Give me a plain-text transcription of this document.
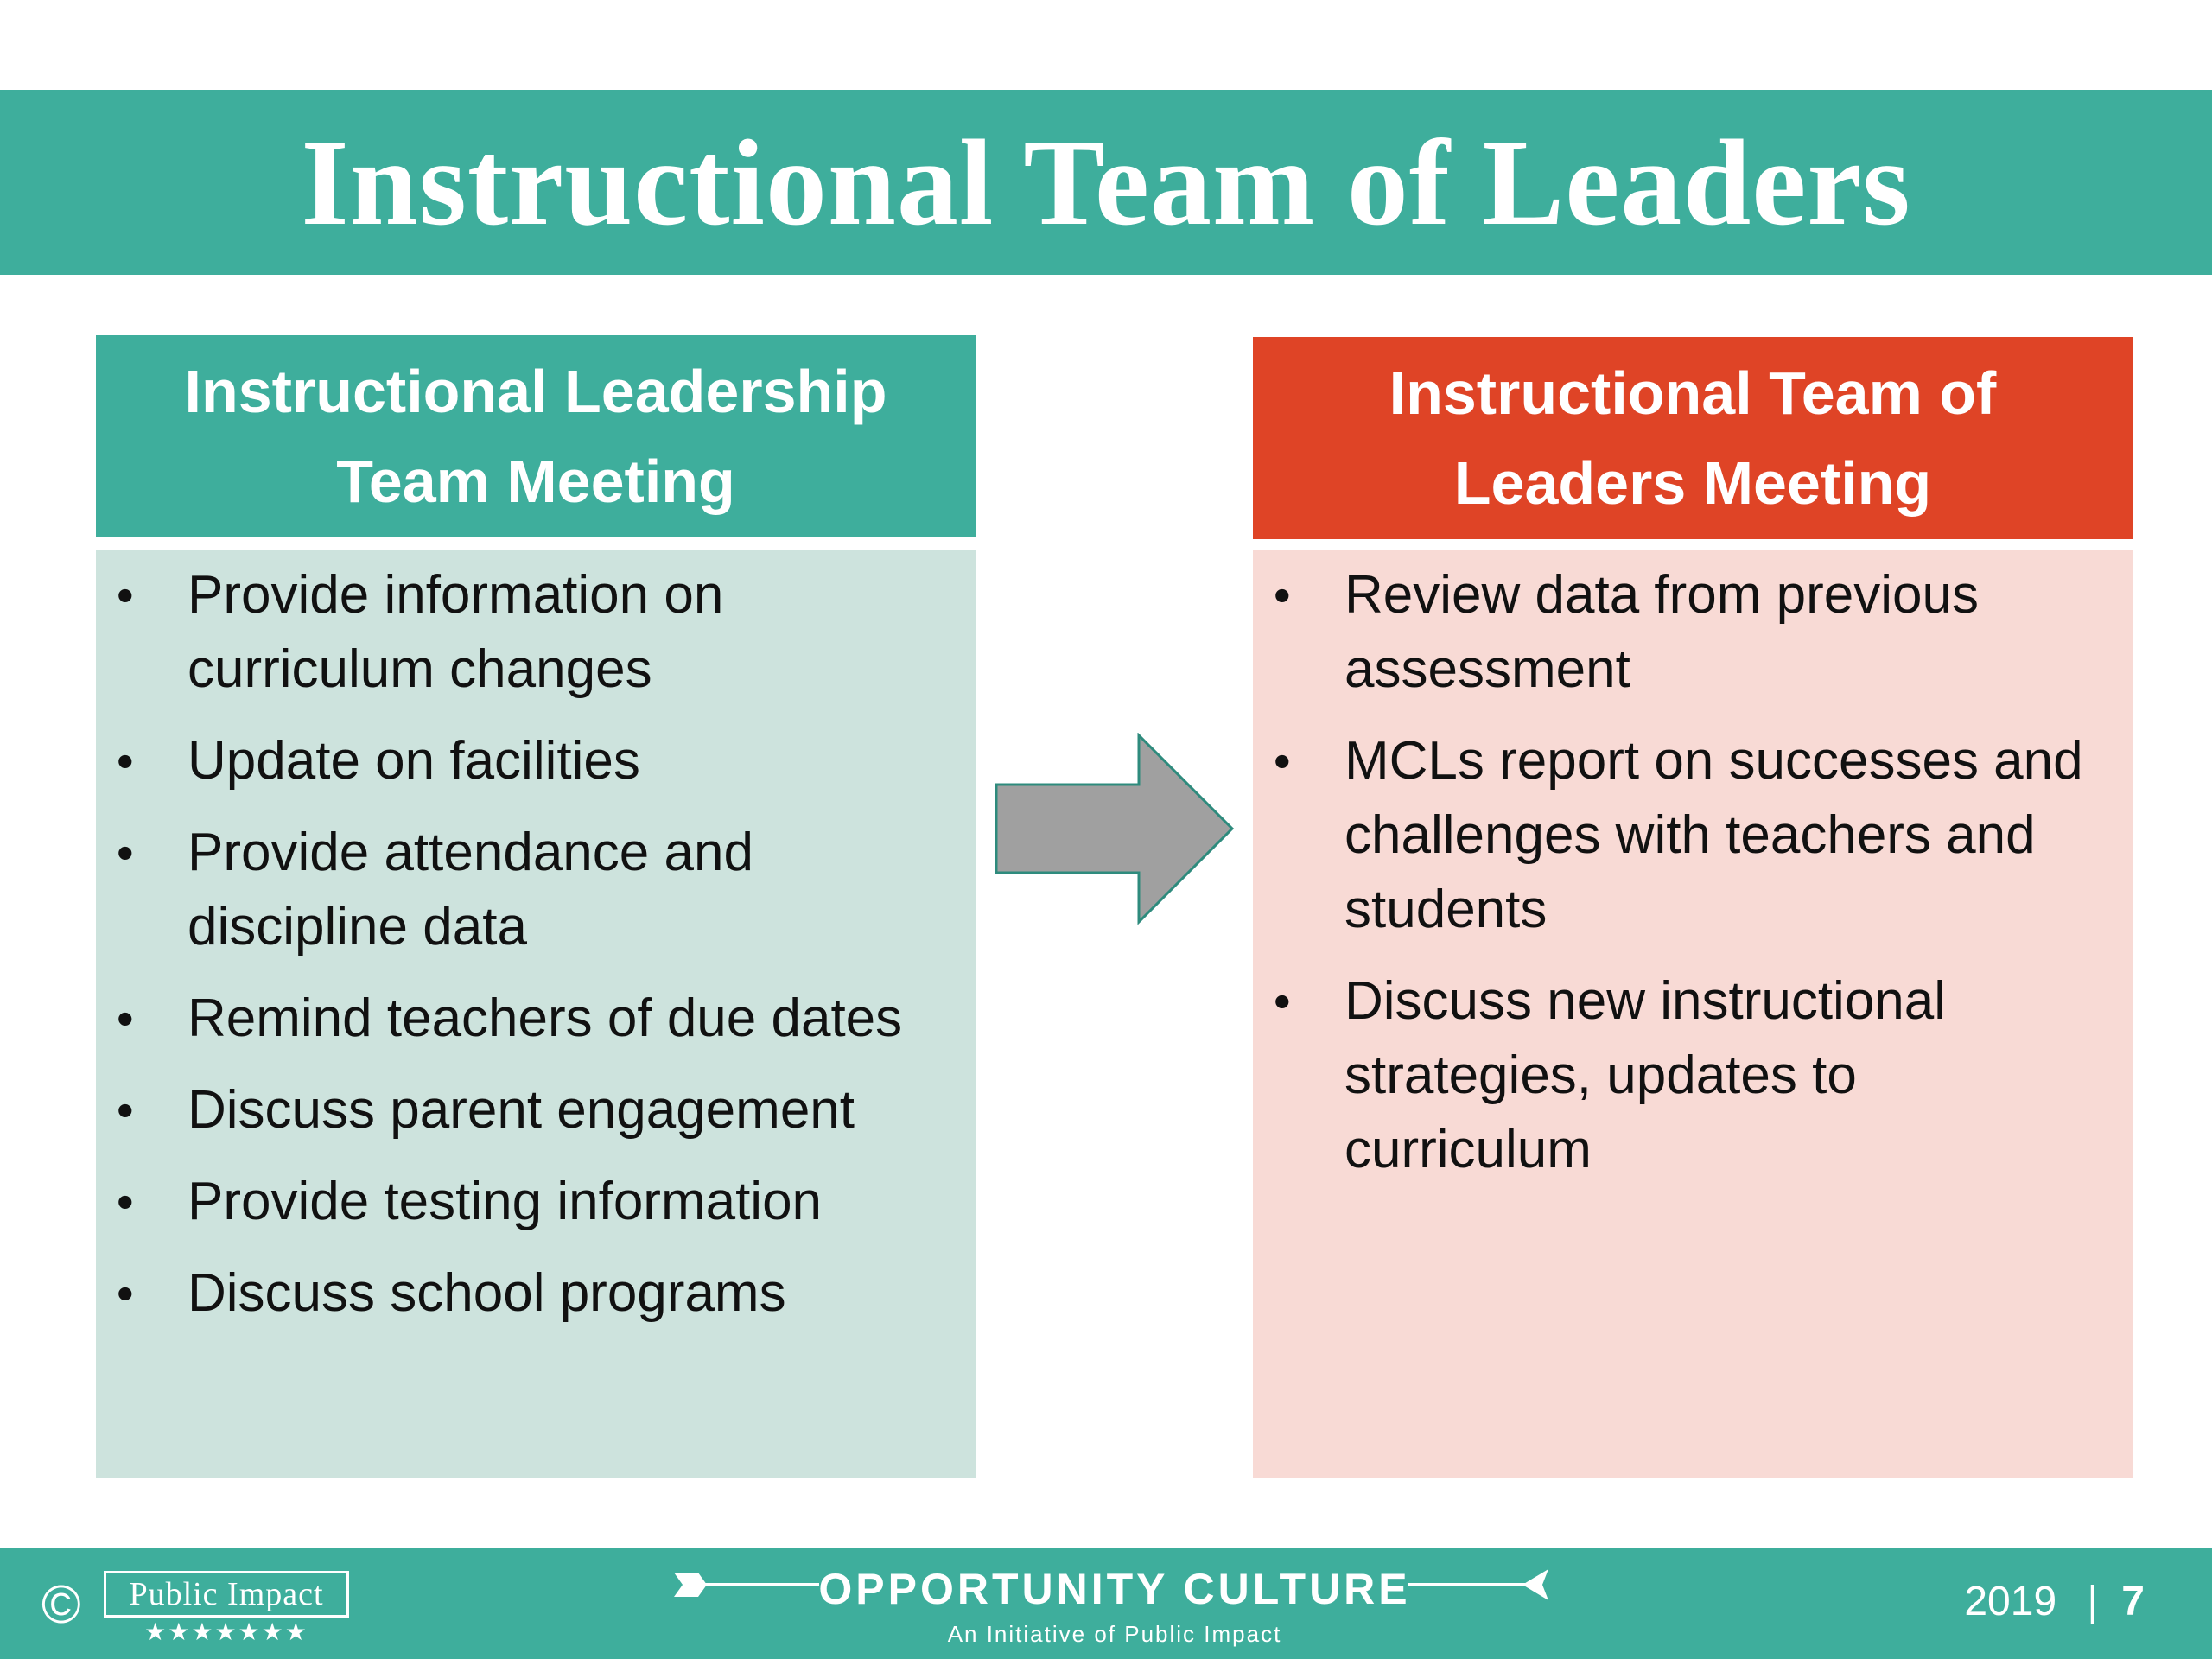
Instructional Team of Leaders
Instructional Leadership Team Meeting
• Provide information on curriculum changes
• Update on facilities
• Provide attendance and discipline data
• Remind teachers of due dates
• Discuss parent engagement
• Provide testing information
• Discuss school programs
Instructional Team of Leaders Meeting
• Review data from previous assessment
• MCLs report on successes and challenges with teachers and students
• Discuss new instructional strategies, updates to curriculum
©	Public Impact
★★★★★★★
OPPORTUNITY CULTURE
An Initiative of Public Impact
2019 | 7
